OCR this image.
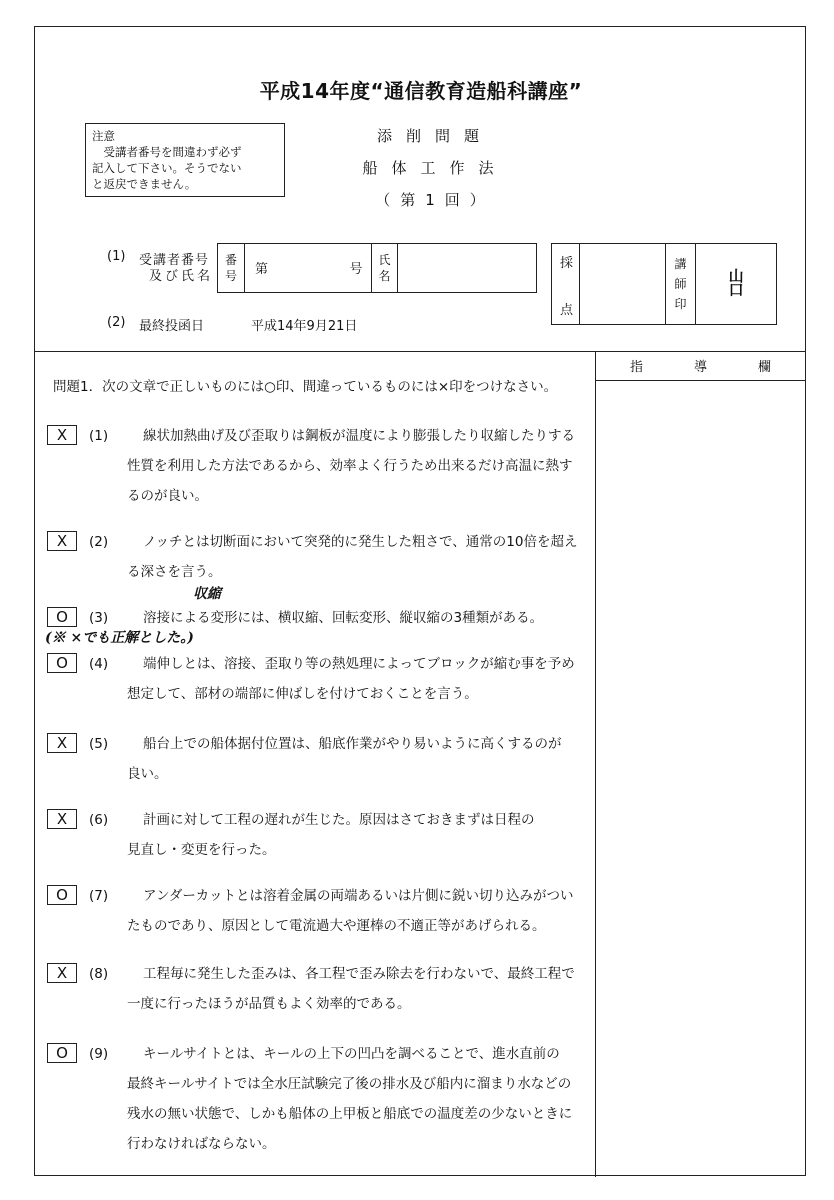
平成14年度“通信教育造船科講座”
注意
受講者番号を間違わず必ず
記入して下さい。そうでない
と返戻できません。
添削問題
船体工作法
（第1回）
(1) 受講者番号
及び氏名
番号	第	号
	氏名	
(2) 最終投函日	平成14年9月21日
採
点
		講師印	山口
指	導	欄
問題1．次の文章で正しいものには○印、間違っているものには×印をつけなさい。
X	(1)	線状加熱曲げ及び歪取りは鋼板が温度により膨張したり収縮したりする
性質を利用した方法であるから、効率よく行うため出来るだけ高温に熱す
るのが良い。
X	(2)	ノッチとは切断面において突発的に発生した粗さで、通常の10倍を超え
る深さを言う。
O	(3)	溶接による変形には、横収縮、回転変形、縦収縮の3種類がある。
収縮
(※ ×でも正解とした。)
O	(4)	端伸しとは、溶接、歪取り等の熱処理によってブロックが縮む事を予め
想定して、部材の端部に伸ばしを付けておくことを言う。
X	(5)	船台上での船体据付位置は、船底作業がやり易いように高くするのが
良い。
X	(6)	計画に対して工程の遅れが生じた。原因はさておきまずは日程の
見直し・変更を行った。
O	(7)	アンダーカットとは溶着金属の両端あるいは片側に鋭い切り込みがつい
たものであり、原因として電流過大や運棒の不適正等があげられる。
X	(8)	工程毎に発生した歪みは、各工程で歪み除去を行わないで、最終工程で
一度に行ったほうが品質もよく効率的である。
O	(9)	キールサイトとは、キールの上下の凹凸を調べることで、進水直前の
最終キールサイトでは全水圧試験完了後の排水及び船内に溜まり水などの
残水の無い状態で、しかも船体の上甲板と船底での温度差の少ないときに
行わなければならない。
